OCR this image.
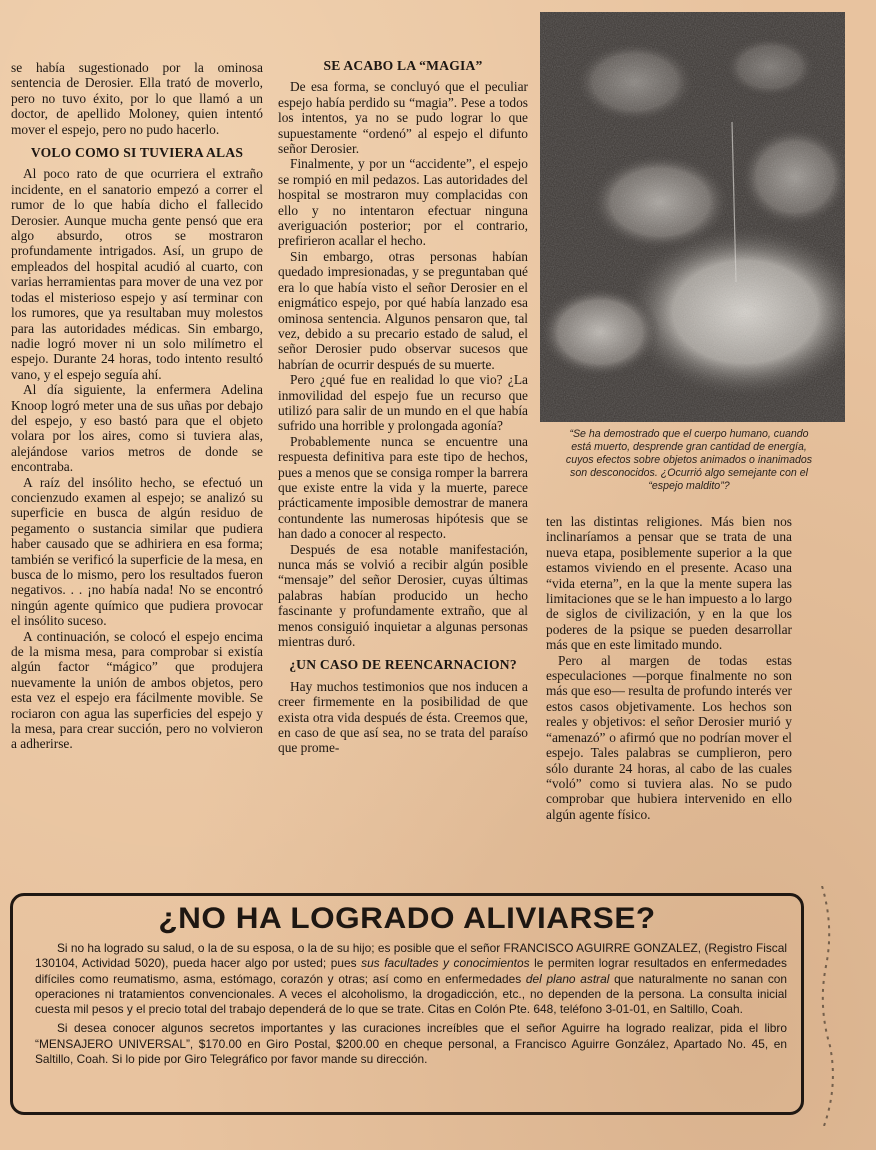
se había sugestionado por la ominosa sentencia de Derosier. Ella trató de moverlo, pero no tuvo éxito, por lo que llamó a un doctor, de apellido Moloney, quien intentó mover el espejo, pero no pudo hacerlo.

VOLO COMO SI TUVIERA ALAS

Al poco rato de que ocurriera el extraño incidente, en el sanatorio empezó a correr el rumor de lo que había dicho el fallecido Derosier. Aunque mucha gente pensó que era algo absurdo, otros se mostraron profundamente intrigados. Así, un grupo de empleados del hospital acudió al cuarto, con varias herramientas para mover de una vez por todas el misterioso espejo y así terminar con los rumores, que ya resultaban muy molestos para las autoridades médicas. Sin embargo, nadie logró mover ni un solo milímetro el espejo. Durante 24 horas, todo intento resultó vano, y el espejo seguía ahí.

Al día siguiente, la enfermera Adelina Knoop logró meter una de sus uñas por debajo del espejo, y eso bastó para que el objeto volara por los aires, como si tuviera alas, alejándose varios metros de donde se encontraba.

A raíz del insólito hecho, se efectuó un concienzudo examen al espejo; se analizó su superficie en busca de algún residuo de pegamento o sustancia similar que pudiera haber causado que se adhiriera en esa forma; también se verificó la superficie de la mesa, en busca de lo mismo, pero los resultados fueron negativos. . . ¡no había nada! No se encontró ningún agente químico que pudiera provocar el insólito suceso.

A continuación, se colocó el espejo encima de la misma mesa, para comprobar si existía algún factor “mágico” que produjera nuevamente la unión de ambos objetos, pero esta vez el espejo era fácilmente movible. Se rociaron con agua las superficies del espejo y la mesa, para crear succión, pero no volvieron a adherirse.

SE ACABO LA “MAGIA”

De esa forma, se concluyó que el peculiar espejo había perdido su “magia”. Pese a todos los intentos, ya no se pudo lograr lo que supuestamente “ordenó” al espejo el difunto señor Derosier.

Finalmente, y por un “accidente”, el espejo se rompió en mil pedazos. Las autoridades del hospital se mostraron muy complacidas con ello y no intentaron efectuar ninguna averiguación posterior; por el contrario, prefirieron acallar el hecho.

Sin embargo, otras personas habían quedado impresionadas, y se preguntaban qué era lo que había visto el señor Derosier en el enigmático espejo, por qué había lanzado esa ominosa sentencia. Algunos pensaron que, tal vez, debido a su precario estado de salud, el señor Derosier pudo observar sucesos que habrían de ocurrir después de su muerte.

Pero ¿qué fue en realidad lo que vio? ¿La inmovilidad del espejo fue un recurso que utilizó para salir de un mundo en el que había sufrido una horrible y prolongada agonía?

Probablemente nunca se encuentre una respuesta definitiva para este tipo de hechos, pues a menos que se consiga romper la barrera que existe entre la vida y la muerte, parece prácticamente imposible demostrar de manera contundente las numerosas hipótesis que se han dado a conocer al respecto.

Después de esa notable manifestación, nunca más se volvió a recibir algún posible “mensaje” del señor Derosier, cuyas últimas palabras habían producido un hecho fascinante y profundamente extraño, que al menos consiguió inquietar a algunas personas mientras duró.

¿UN CASO DE REENCARNACION?

Hay muchos testimonios que nos inducen a creer firmemente en la posibilidad de que exista otra vida después de ésta. Creemos que, en caso de que así sea, no se trata del paraíso que prome-

“Se ha demostrado que el cuerpo humano, cuando está muerto, desprende gran cantidad de energía, cuyos efectos sobre objetos animados o inanimados son desconocidos. ¿Ocurrió algo semejante con el “espejo maldito”?

ten las distintas religiones. Más bien nos inclinaríamos a pensar que se trata de una nueva etapa, posiblemente superior a la que estamos viviendo en el presente. Acaso una “vida eterna”, en la que la mente supera las limitaciones que se le han impuesto a lo largo de siglos de civilización, y en la que los poderes de la psique se pueden desarrollar más que en este limitado mundo.

Pero al margen de todas estas especulaciones —porque finalmente no son más que eso— resulta de profundo interés ver estos casos objetivamente. Los hechos son reales y objetivos: el señor Derosier murió y “amenazó” o afirmó que no podrían mover el espejo. Tales palabras se cumplieron, pero sólo durante 24 horas, al cabo de las cuales “voló” como si tuviera alas. No se pudo comprobar que hubiera intervenido en ello algún agente físico.

¿NO HA LOGRADO ALIVIARSE?

Si no ha logrado su salud, o la de su esposa, o la de su hijo; es posible que el señor FRANCISCO AGUIRRE GONZALEZ, (Registro Fiscal 130104, Actividad 5020), pueda hacer algo por usted; pues sus facultades y conocimientos le permiten lograr resultados en enfermedades difíciles como reumatismo, asma, estómago, corazón y otras; así como en enfermedades del plano astral que naturalmente no sanan con operaciones ni tratamientos convencionales. A veces el alcoholismo, la drogadicción, etc., no dependen de la persona. La consulta inicial cuesta mil pesos y el precio total del trabajo dependerá de lo que se trate. Citas en Colón Pte. 648, teléfono 3-01-01, en Saltillo, Coah.

Si desea conocer algunos secretos importantes y las curaciones increíbles que el señor Aguirre ha logrado realizar, pida el libro “MENSAJERO UNIVERSAL”, $170.00 en Giro Postal, $200.00 en cheque personal, a Francisco Aguirre González, Apartado No. 45, en Saltillo, Coah. Si lo pide por Giro Telegráfico por favor mande su dirección.
